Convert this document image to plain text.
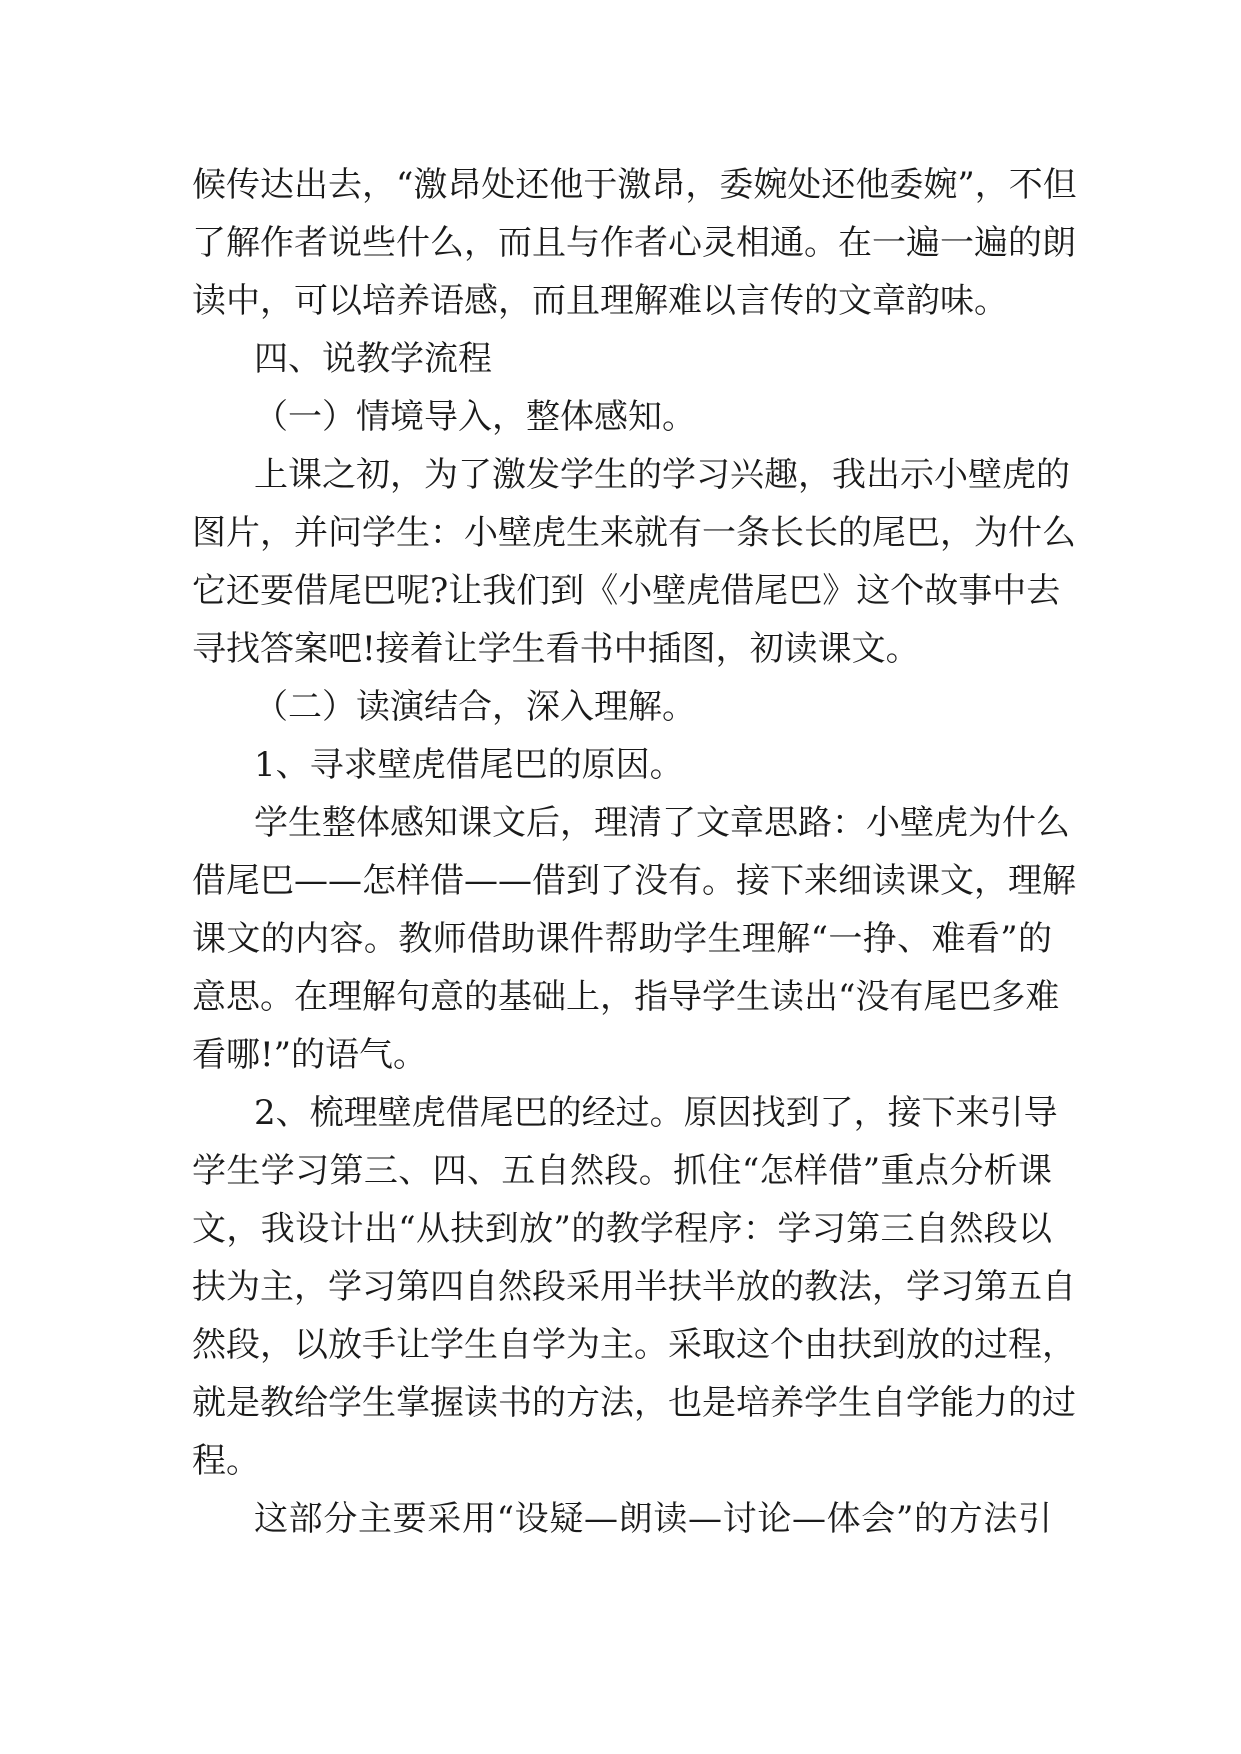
候传达出去，“激昂处还他于激昂，委婉处还他委婉”，不但
了解作者说些什么，而且与作者心灵相通。在一遍一遍的朗
读中，可以培养语感，而且理解难以言传的文章韵味。
四、说教学流程
（一）情境导入，整体感知。
上课之初，为了激发学生的学习兴趣，我出示小壁虎的
图片，并问学生：小壁虎生来就有一条长长的尾巴，为什么
它还要借尾巴呢?让我们到《小壁虎借尾巴》这个故事中去
寻找答案吧!接着让学生看书中插图，初读课文。
（二）读演结合，深入理解。
1、寻求壁虎借尾巴的原因。
学生整体感知课文后，理清了文章思路：小壁虎为什么
借尾巴——怎样借——借到了没有。接下来细读课文，理解
课文的内容。教师借助课件帮助学生理解“一挣、难看”的
意思。在理解句意的基础上，指导学生读出“没有尾巴多难
看哪!”的语气。
2、梳理壁虎借尾巴的经过。原因找到了，接下来引导
学生学习第三、四、五自然段。抓住“怎样借”重点分析课
文，我设计出“从扶到放”的教学程序：学习第三自然段以
扶为主，学习第四自然段采用半扶半放的教法，学习第五自
然段，以放手让学生自学为主。采取这个由扶到放的过程，
就是教给学生掌握读书的方法，也是培养学生自学能力的过
程。
这部分主要采用“设疑—朗读—讨论—体会”的方法引
